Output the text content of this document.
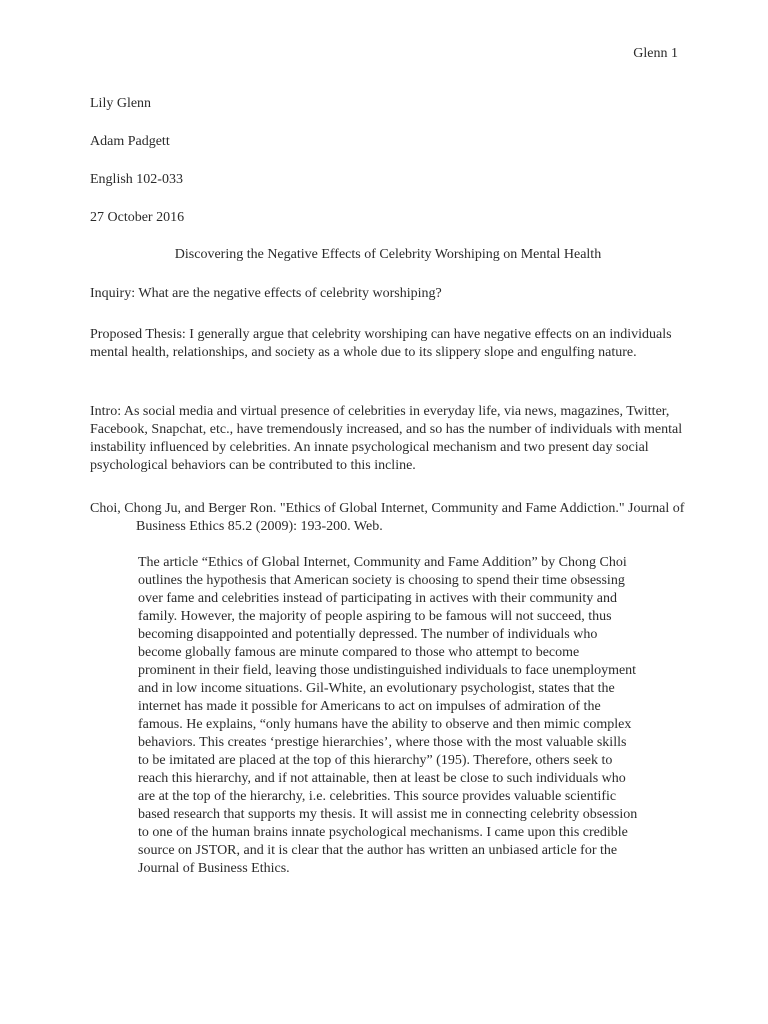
Glenn 1
Lily Glenn
Adam Padgett
English 102-033
27 October 2016
Discovering the Negative Effects of Celebrity Worshiping on Mental Health
Inquiry: What are the negative effects of celebrity worshiping?
Proposed Thesis: I generally argue that celebrity worshiping can have negative effects on an individuals mental health, relationships, and society as a whole due to its slippery slope and engulfing nature.
Intro: As social media and virtual presence of celebrities in everyday life, via news, magazines, Twitter, Facebook, Snapchat, etc., have tremendously increased, and so has the number of individuals with mental instability influenced by celebrities. An innate psychological mechanism and two present day social psychological behaviors can be contributed to this incline.
Choi, Chong Ju, and Berger Ron. "Ethics of Global Internet, Community and Fame Addiction." Journal of Business Ethics 85.2 (2009): 193-200. Web.
The article “Ethics of Global Internet, Community and Fame Addition” by Chong Choi
outlines the hypothesis that American society is choosing to spend their time obsessing
over fame and celebrities instead of participating in actives with their community and
family. However, the majority of people aspiring to be famous will not succeed, thus
becoming disappointed and potentially depressed. The number of individuals who
become globally famous are minute compared to those who attempt to become
prominent in their field, leaving those undistinguished individuals to face unemployment
and in low income situations. Gil-White, an evolutionary psychologist, states that the
internet has made it possible for Americans to act on impulses of admiration of the
famous. He explains, “only humans have the ability to observe and then mimic complex
behaviors. This creates ‘prestige hierarchies’, where those with the most valuable skills
to be imitated are placed at the top of this hierarchy” (195). Therefore, others seek to
reach this hierarchy, and if not attainable, then at least be close to such individuals who
are at the top of the hierarchy, i.e. celebrities. This source provides valuable scientific
based research that supports my thesis. It will assist me in connecting celebrity obsession
to one of the human brains innate psychological mechanisms. I came upon this credible
source on JSTOR, and it is clear that the author has written an unbiased article for the
Journal of Business Ethics.
